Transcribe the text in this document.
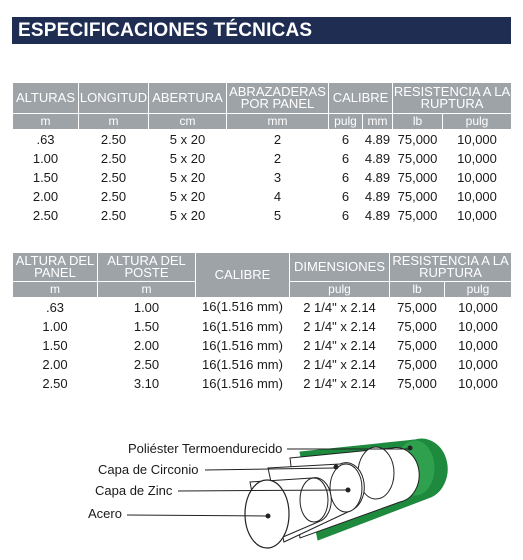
ESPECIFICACIONES TÉCNICAS
ALTURAS	LONGITUD	ABERTURA	ABRAZADERAS POR PANEL	CALIBRE		RESISTENCIA A LA RUPTURA	
m	m	cm	mm	pulg	mm	lb	pulg
.63	2.50	5 x 20	2	6	4.89	75,000	10,000
1.00	2.50	5 x 20	2	6	4.89	75,000	10,000
1.50	2.50	5 x 20	3	6	4.89	75,000	10,000
2.00	2.50	5 x 20	4	6	4.89	75,000	10,000
2.50	2.50	5 x 20	5	6	4.89	75,000	10,000
ALTURA DEL PANEL	ALTURA DEL POSTE	CALIBRE	DIMENSIONES	RESISTENCIA A LA RUPTURA	
m	m		pulg	lb	pulg
.63	1.00	16(1.516 mm)	2 1/4" x 2.14	75,000	10,000
1.00	1.50	16(1.516 mm)	2 1/4" x 2.14	75,000	10,000
1.50	2.00	16(1.516 mm)	2 1/4" x 2.14	75,000	10,000
2.00	2.50	16(1.516 mm)	2 1/4" x 2.14	75,000	10,000
2.50	3.10	16(1.516 mm)	2 1/4" x 2.14	75,000	10,000
Poliéster Termoendurecido
Capa de Circonio
Capa de Zinc
Acero
